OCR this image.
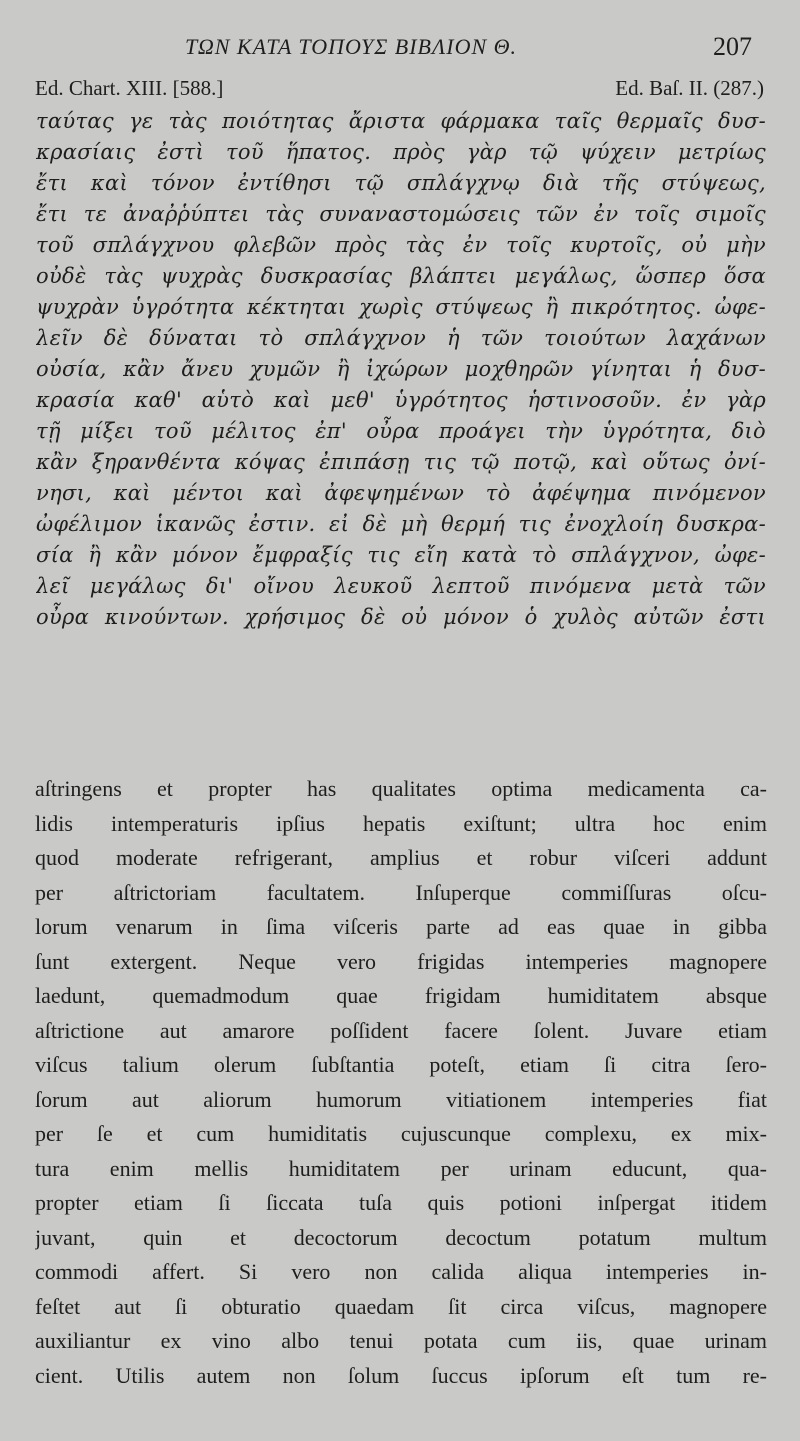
ΤΩΝ ΚΑΤΑ ΤΟΠΟΥΣ ΒΙΒΛΙΟΝ Θ.	207
Ed. Chart. XIII. [588.]	Ed. Baſ. II. (287.)
ταύτας γε τὰς ποιότητας ἄριστα φάρμακα ταῖς θερμαῖς δυσ-
κρασίαις ἐστὶ τοῦ ἥπατος. πρὸς γὰρ τῷ ψύχειν μετρίως
ἔτι καὶ τόνον ἐντίθησι τῷ σπλάγχνῳ διὰ τῆς στύψεως,
ἔτι τε ἀναῤῥύπτει τὰς συναναστομώσεις τῶν ἐν τοῖς σιμοῖς
τοῦ σπλάγχνου φλεβῶν πρὸς τὰς ἐν τοῖς κυρτοῖς, οὐ μὴν
οὐδὲ τὰς ψυχρὰς δυσκρασίας βλάπτει μεγάλως, ὥσπερ ὅσα
ψυχρὰν ὑγρότητα κέκτηται χωρὶς στύψεως ἢ πικρότητος. ὠφε-
λεῖν δὲ δύναται τὸ σπλάγχνον ἡ τῶν τοιούτων λαχάνων
οὐσία, κἂν ἄνευ χυμῶν ἢ ἰχώρων μοχθηρῶν γίνηται ἡ δυσ-
κρασία καθ' αὑτὸ καὶ μεθ' ὑγρότητος ἡστινοσοῦν. ἐν γὰρ
τῇ μίξει τοῦ μέλιτος ἐπ' οὖρα προάγει τὴν ὑγρότητα, διὸ
κἂν ξηρανθέντα κόψας ἐπιπάσῃ τις τῷ ποτῷ, καὶ οὕτως ὀνί-
νησι, καὶ μέντοι καὶ ἀφεψημένων τὸ ἀφέψημα πινόμενον
ὠφέλιμον ἱκανῶς ἐστιν. εἰ δὲ μὴ θερμή τις ἐνοχλοίη δυσκρα-
σία ἢ κἂν μόνον ἔμφραξίς τις εἴη κατὰ τὸ σπλάγχνον, ὠφε-
λεῖ μεγάλως δι' οἴνου λευκοῦ λεπτοῦ πινόμενα μετὰ τῶν
οὖρα κινούντων. χρήσιμος δὲ οὐ μόνον ὁ χυλὸς αὐτῶν ἐστι
aſtringens et propter has qualitates optima medicamenta ca-
lidis intemperaturis ipſius hepatis exiſtunt; ultra hoc enim
quod moderate refrigerant, amplius et robur viſceri addunt
per aſtrictoriam facultatem. Inſuperque commiſſuras oſcu-
lorum venarum in ſima viſceris parte ad eas quae in gibba
ſunt extergent. Neque vero frigidas intemperies magnopere
laedunt, quemadmodum quae frigidam humiditatem absque
aſtrictione aut amarore poſſident facere ſolent. Juvare etiam
viſcus talium olerum ſubſtantia poteſt, etiam ſi citra ſero-
ſorum aut aliorum humorum vitiationem intemperies fiat
per ſe et cum humiditatis cujuscunque complexu, ex mix-
tura enim mellis humiditatem per urinam educunt, qua-
propter etiam ſi ſiccata tuſa quis potioni inſpergat itidem
juvant, quin et decoctorum decoctum potatum multum
commodi affert. Si vero non calida aliqua intemperies in-
feſtet aut ſi obturatio quaedam ſit circa viſcus, magnopere
auxiliantur ex vino albo tenui potata cum iis, quae urinam
cient. Utilis autem non ſolum ſuccus ipſorum eſt tum re-
